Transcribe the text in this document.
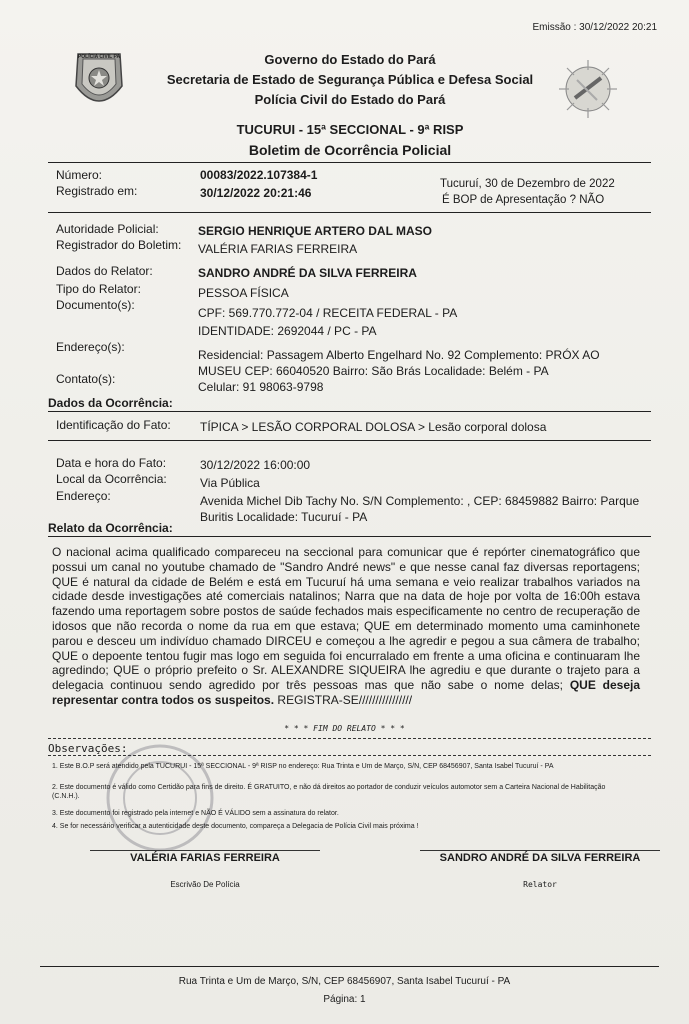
Emissão : 30/12/2022 20:21
POLÍCIA CIVIL PA	Governo do Estado do Pará
Secretaria de Estado de Segurança Pública e Defesa Social
Polícia Civil do Estado do Pará
TUCURUI - 15ª SECCIONAL - 9ª RISP
Boletim de Ocorrência Policial
Número:	00083/2022.107384-1
Registrado em:	30/12/2022 20:21:46
Tucuruí, 30 de Dezembro de 2022
É BOP de Apresentação ? NÃO
Autoridade Policial:	SERGIO HENRIQUE ARTERO DAL MASO
Registrador do Boletim: VALÉRIA FARIAS FERREIRA
Dados do Relator:	SANDRO ANDRÉ DA SILVA FERREIRA
Tipo do Relator:	PESSOA FÍSICA
Documento(s):
CPF: 569.770.772-04 / RECEITA FEDERAL - PA
IDENTIDADE: 2692044 / PC - PA
Endereço(s):
Residencial: Passagem Alberto Engelhard No. 92 Complemento: PRÓX AO
MUSEU CEP: 66040520 Bairro: São Brás Localidade: Belém - PA
Contato(s):
Celular: 91 98063-9798
Dados da Ocorrência:
Identificação do Fato: TÍPICA > LESÃO CORPORAL DOLOSA > Lesão corporal dolosa
Data e hora do Fato:	30/12/2022 16:00:00
Local da Ocorrência:	Via Pública
Endereço:	Avenida Michel Dib Tachy No. S/N Complemento: , CEP: 68459882 Bairro: Parque
Buritis Localidade: Tucuruí - PA
Relato da Ocorrência:
O nacional acima qualificado compareceu na seccional para comunicar que é repórter cinematográfico que possui um canal no youtube chamado de "Sandro André news" e que nesse canal faz diversas reportagens; QUE é natural da cidade de Belém e está em Tucuruí há uma semana e veio realizar trabalhos variados na cidade desde investigações até comerciais natalinos; Narra que na data de hoje por volta de 16:00h estava fazendo uma reportagem sobre postos de saúde fechados mais especificamente no centro de recuperação de idosos que não recorda o nome da rua em que estava; QUE em determinado momento uma caminhonete parou e desceu um indivíduo chamado DIRCEU e começou a lhe agredir e pegou a sua câmera de trabalho; QUE o depoente tentou fugir mas logo em seguida foi encurralado em frente a uma oficina e continuaram lhe agredindo; QUE o próprio prefeito o Sr. ALEXANDRE SIQUEIRA lhe agrediu e que durante o trajeto para a delegacia continuou sendo agredido por três pessoas mas que não sabe o nome delas; QUE deseja representar contra todos os suspeitos. REGISTRA-SE////////////////
* * * FIM DO RELATO * * *
Observações:
1. Este B.O.P será atendido pela TUCURUI - 15ª SECCIONAL - 9ª RISP no endereço: Rua Trinta e Um de Março, S/N, CEP 68456907, Santa Isabel Tucuruí - PA
2. Este documento é válido como Certidão para fins de direito. É GRATUITO, e não dá direitos ao portador de conduzir veículos automotor sem a Carteira Nacional de Habilitação (C.N.H.).
3. Este documento foi registrado pela internet e NÃO É VÁLIDO sem a assinatura do relator.
4. Se for necessário verificar a autenticidade deste documento, compareça a Delegacia de Polícia Civil mais próxima !
VALÉRIA FARIAS FERREIRA
Escrivão De Polícia
SANDRO ANDRÉ DA SILVA FERREIRA
Relator
Rua Trinta e Um de Março, S/N, CEP 68456907, Santa Isabel Tucuruí - PA
Página: 1
